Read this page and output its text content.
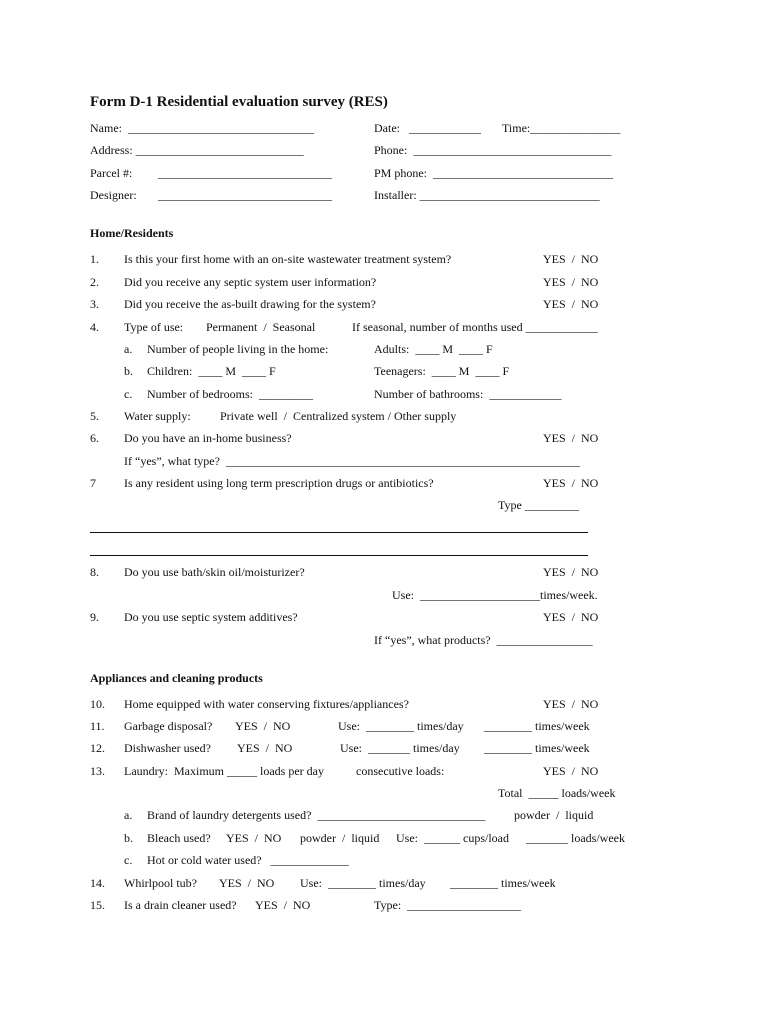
Form D-1 Residential evaluation survey (RES)
Name:  _______________________________	Date:   ____________ Time:_______________
Address: ____________________________	Phone:  _________________________________
Parcel #: _____________________________	PM phone:  ______________________________
Designer: _____________________________	Installer: ______________________________
Home/Residents
1. Is this your first home with an on-site wastewater treatment system?	YES  /  NO
2. Did you receive any septic system user information?	YES  /  NO
3. Did you receive the as-built drawing for the system?	YES  /  NO
4. Type of use: Permanent  /  Seasonal	If seasonal, number of months used ____________
a. Number of people living in the home:	Adults:  ____ M  ____ F
b. Children:  ____ M  ____ F	Teenagers:  ____ M  ____ F
c. Number of bedrooms:  _________	Number of bathrooms:  ____________
5. Water supply: Private well  /  Centralized system / Other supply
6. Do you have an in-home business?	YES  /  NO
If “yes”, what type?  ___________________________________________________________
7 Is any resident using long term prescription drugs or antibiotics?	YES  /  NO
Type _________
8. Do you use bath/skin oil/moisturizer?	YES  /  NO
Use:  ____________________times/week.
9. Do you use septic system additives?	YES  /  NO
If “yes”, what products?  ________________
Appliances and cleaning products
10. Home equipped with water conserving fixtures/appliances?	YES  /  NO
11. Garbage disposal? YES  /  NO	Use:  ________ times/day ________ times/week
12. Dishwasher used? YES  /  NO	Use:  _______ times/day ________ times/week
13. Laundry:  Maximum _____ loads per day	consecutive loads:	YES  /  NO
Total  _____ loads/week
a. Brand of laundry detergents used?  ____________________________ powder  /  liquid
b. Bleach used? YES  /  NO powder  /  liquid Use:  ______ cups/load _______ loads/week
c. Hot or cold water used?   _____________
14. Whirlpool tub? YES  /  NO Use:  ________ times/day ________ times/week
15. Is a drain cleaner used? YES  /  NO	Type:  ___________________
